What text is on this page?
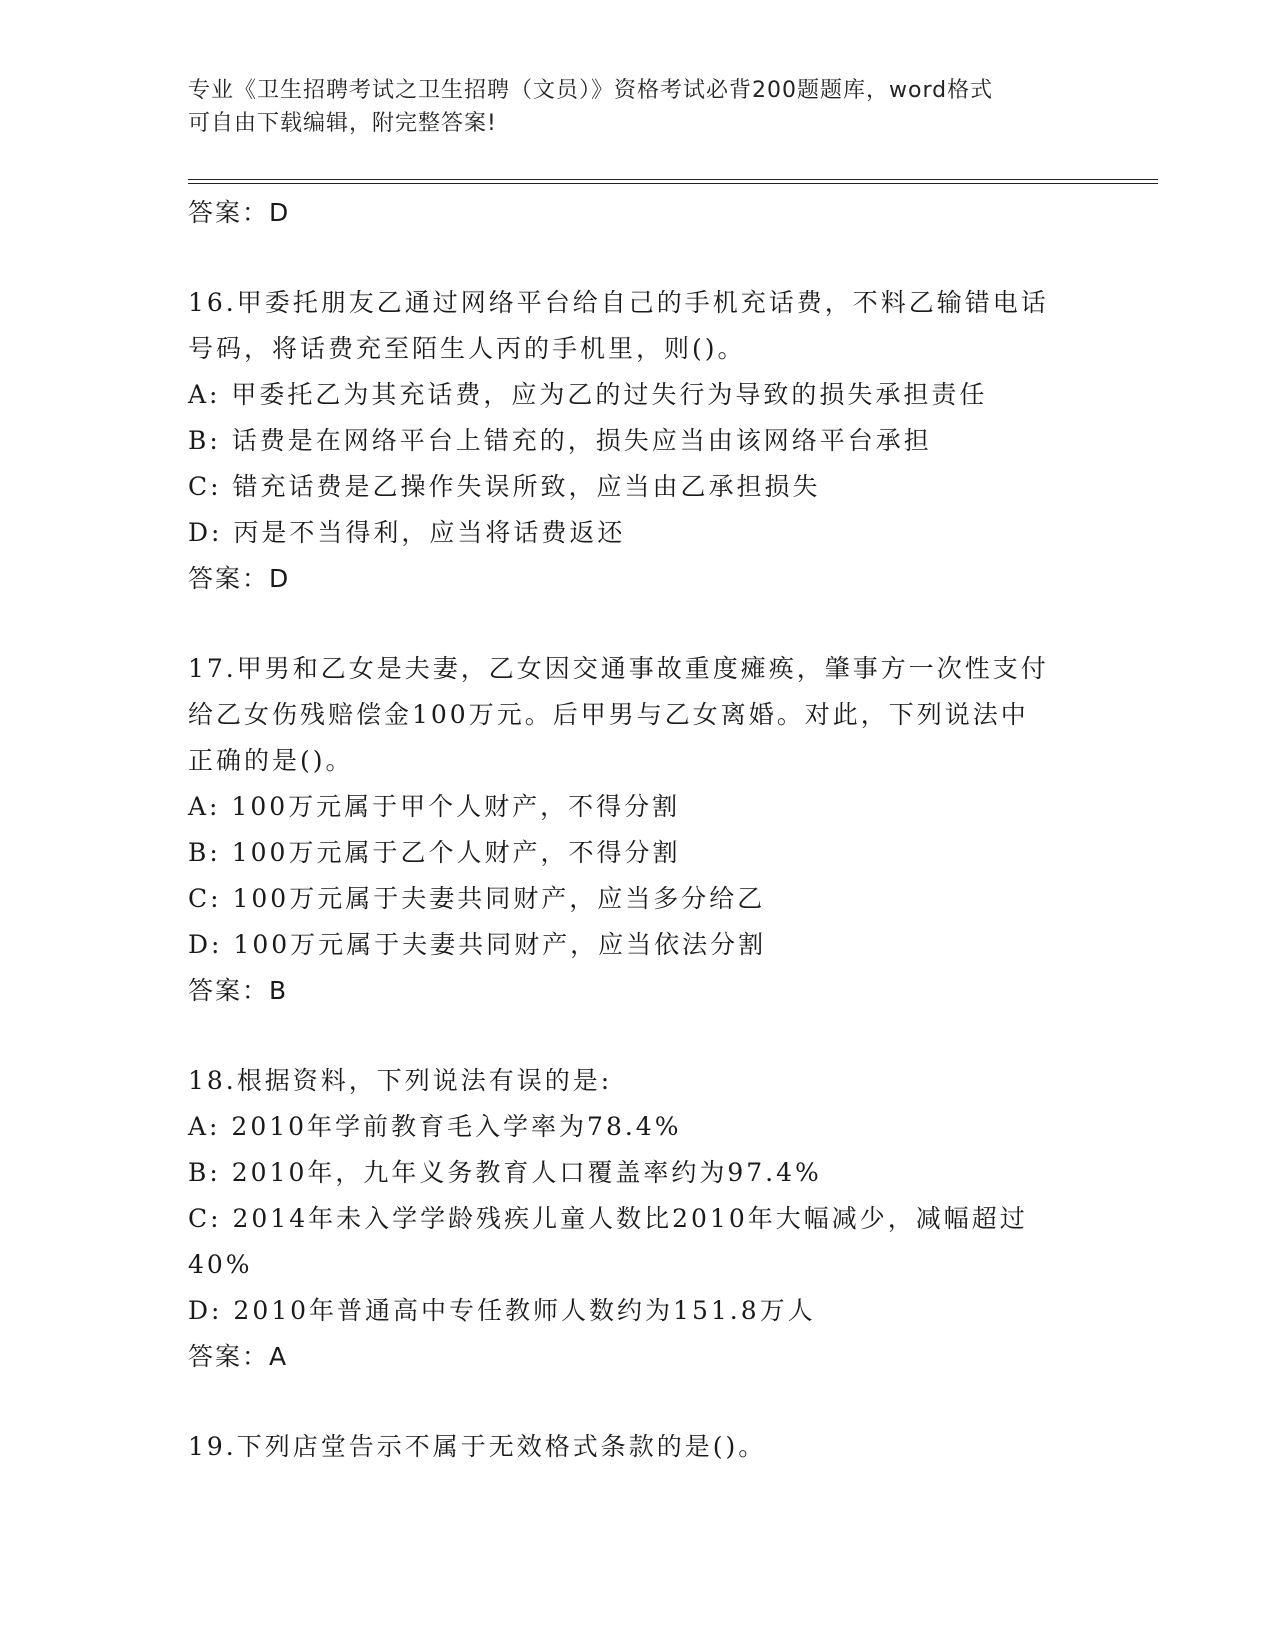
专业《卫生招聘考试之卫生招聘（文员）》资格考试必背200题题库，word格式
可自由下载编辑，附完整答案!
答案：D
16.甲委托朋友乙通过网络平台给自己的手机充话费，不料乙输错电话
号码，将话费充至陌生人丙的手机里，则()。
A: 甲委托乙为其充话费，应为乙的过失行为导致的损失承担责任
B: 话费是在网络平台上错充的，损失应当由该网络平台承担
C: 错充话费是乙操作失误所致，应当由乙承担损失
D: 丙是不当得利，应当将话费返还
答案：D
17.甲男和乙女是夫妻，乙女因交通事故重度瘫痪，肇事方一次性支付
给乙女伤残赔偿金100万元。后甲男与乙女离婚。对此，下列说法中
正确的是()。
A: 100万元属于甲个人财产，不得分割
B: 100万元属于乙个人财产，不得分割
C: 100万元属于夫妻共同财产，应当多分给乙
D: 100万元属于夫妻共同财产，应当依法分割
答案：B
18.根据资料，下列说法有误的是:
A: 2010年学前教育毛入学率为78.4%
B: 2010年，九年义务教育人口覆盖率约为97.4%
C: 2014年未入学学龄残疾儿童人数比2010年大幅减少，减幅超过
40%
D: 2010年普通高中专任教师人数约为151.8万人
答案：A
19.下列店堂告示不属于无效格式条款的是()。
